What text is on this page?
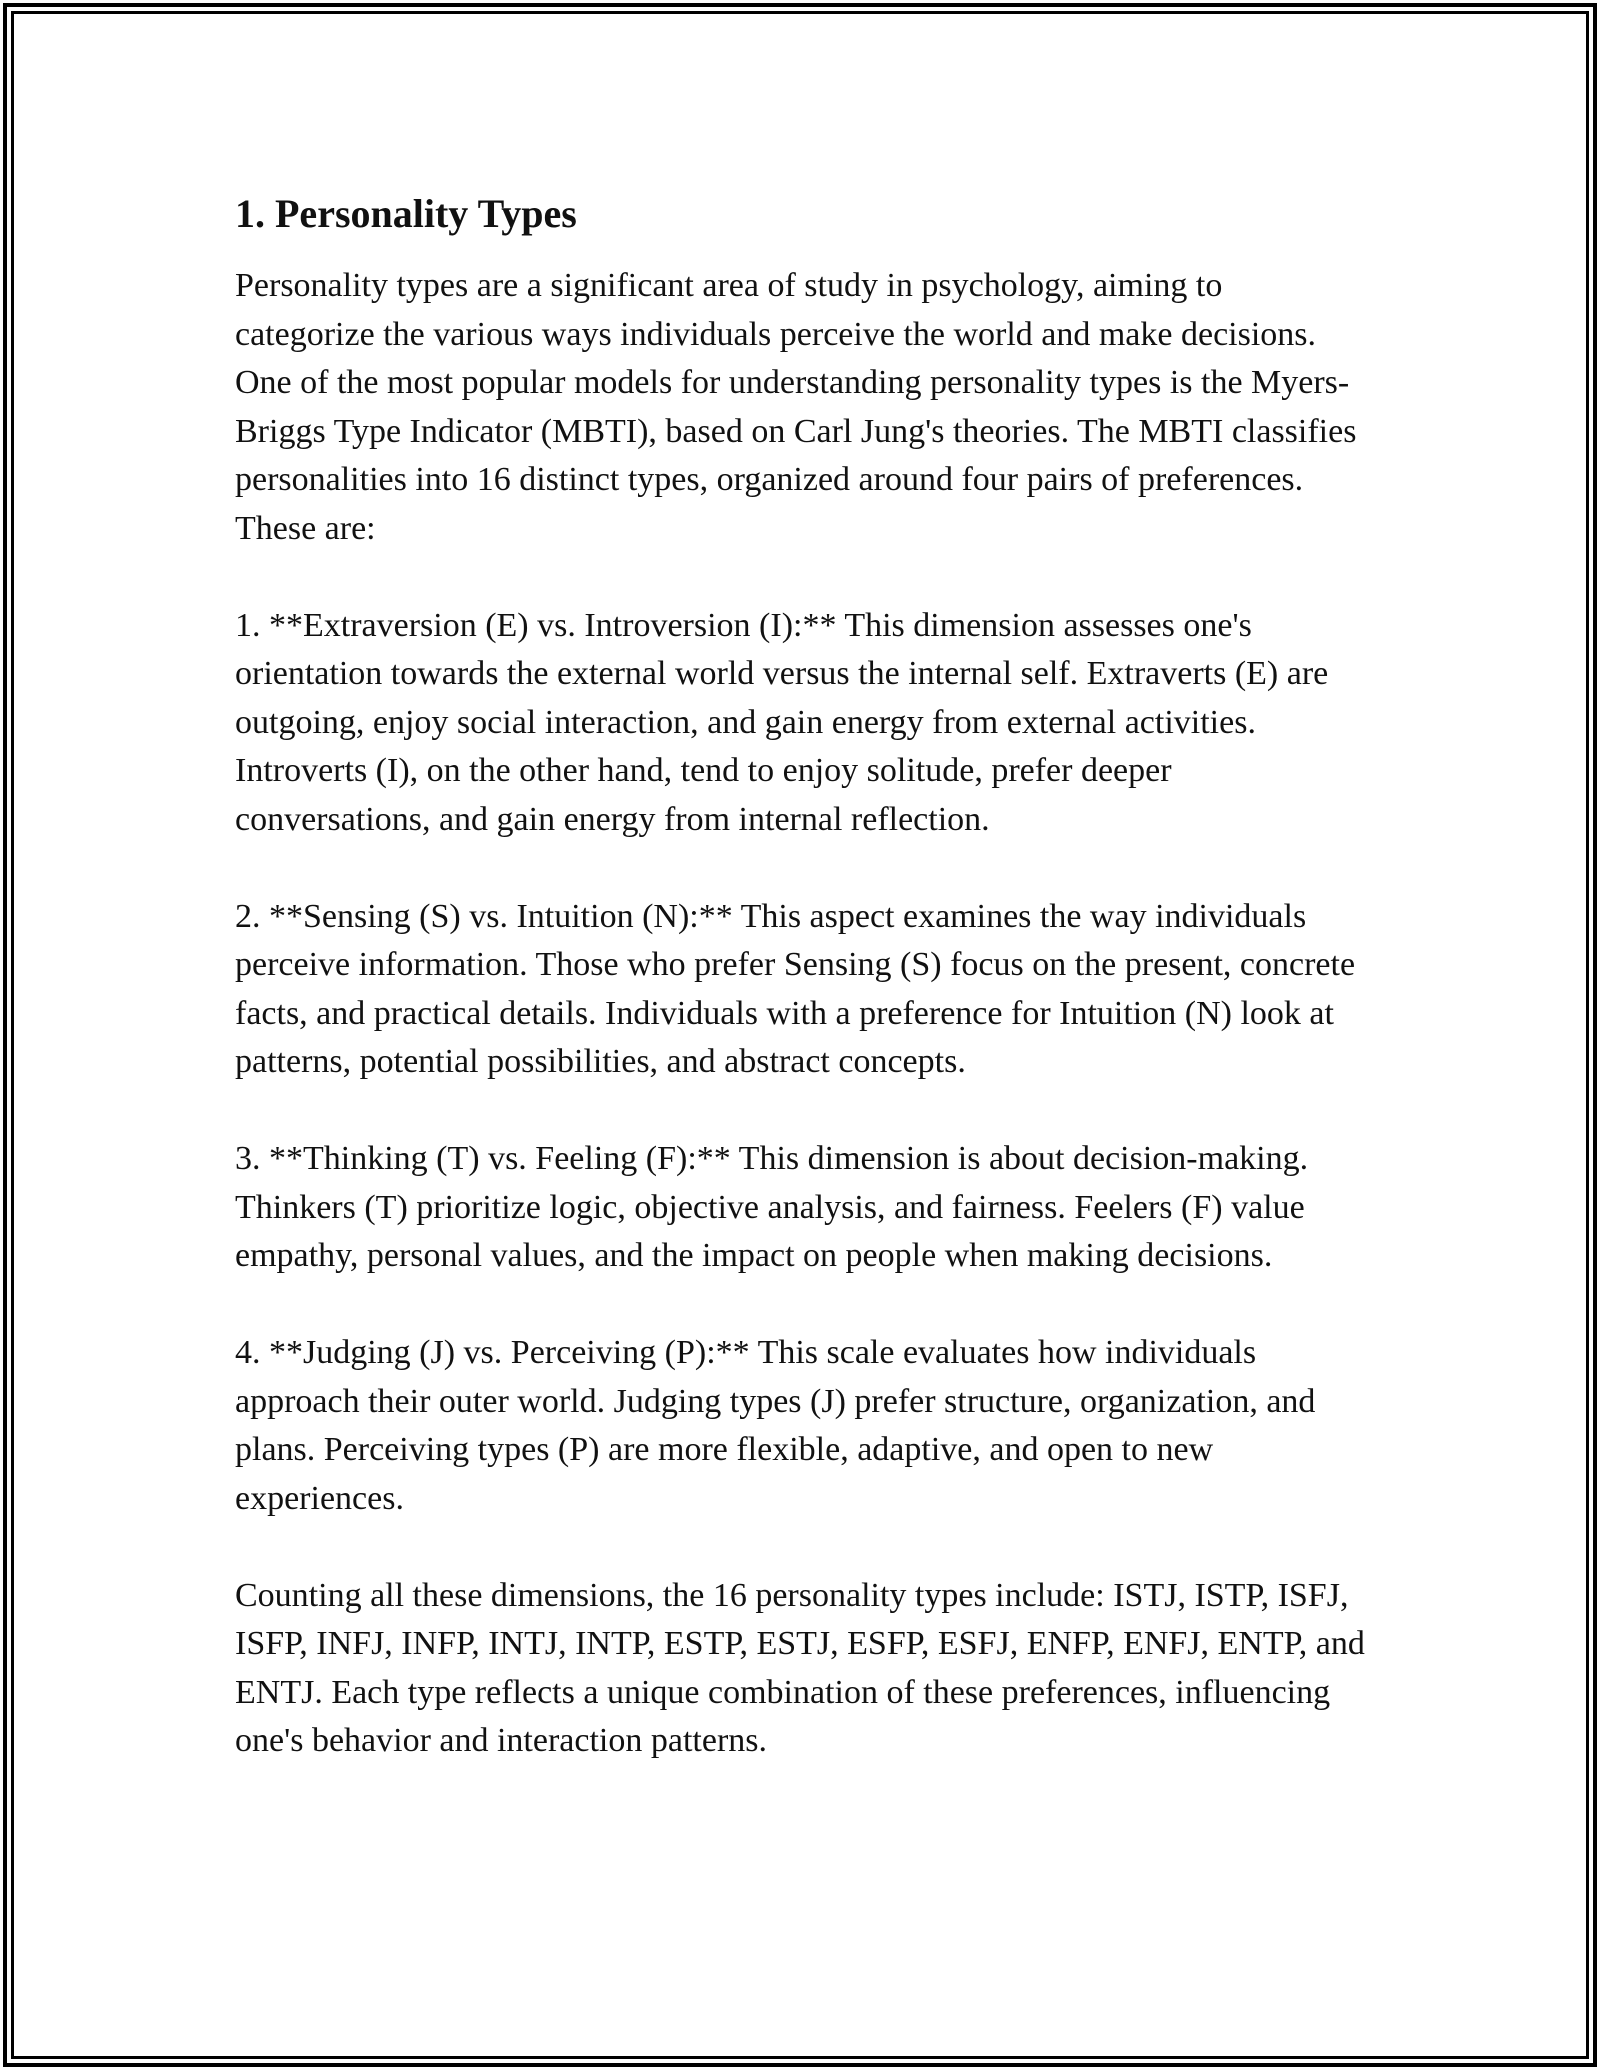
1. Personality Types

Personality types are a significant area of study in psychology, aiming to categorize the various ways individuals perceive the world and make decisions. One of the most popular models for understanding personality types is the Myers-Briggs Type Indicator (MBTI), based on Carl Jung's theories. The MBTI classifies personalities into 16 distinct types, organized around four pairs of preferences. These are:

1. **Extraversion (E) vs. Introversion (I):** This dimension assesses one's orientation towards the external world versus the internal self. Extraverts (E) are outgoing, enjoy social interaction, and gain energy from external activities. Introverts (I), on the other hand, tend to enjoy solitude, prefer deeper conversations, and gain energy from internal reflection.

2. **Sensing (S) vs. Intuition (N):** This aspect examines the way individuals perceive information. Those who prefer Sensing (S) focus on the present, concrete facts, and practical details. Individuals with a preference for Intuition (N) look at patterns, potential possibilities, and abstract concepts.

3. **Thinking (T) vs. Feeling (F):** This dimension is about decision-making. Thinkers (T) prioritize logic, objective analysis, and fairness. Feelers (F) value empathy, personal values, and the impact on people when making decisions.

4. **Judging (J) vs. Perceiving (P):** This scale evaluates how individuals approach their outer world. Judging types (J) prefer structure, organization, and plans. Perceiving types (P) are more flexible, adaptive, and open to new experiences.

Counting all these dimensions, the 16 personality types include: ISTJ, ISTP, ISFJ, ISFP, INFJ, INFP, INTJ, INTP, ESTP, ESTJ, ESFP, ESFJ, ENFP, ENFJ, ENTP, and ENTJ. Each type reflects a unique combination of these preferences, influencing one's behavior and interaction patterns.
